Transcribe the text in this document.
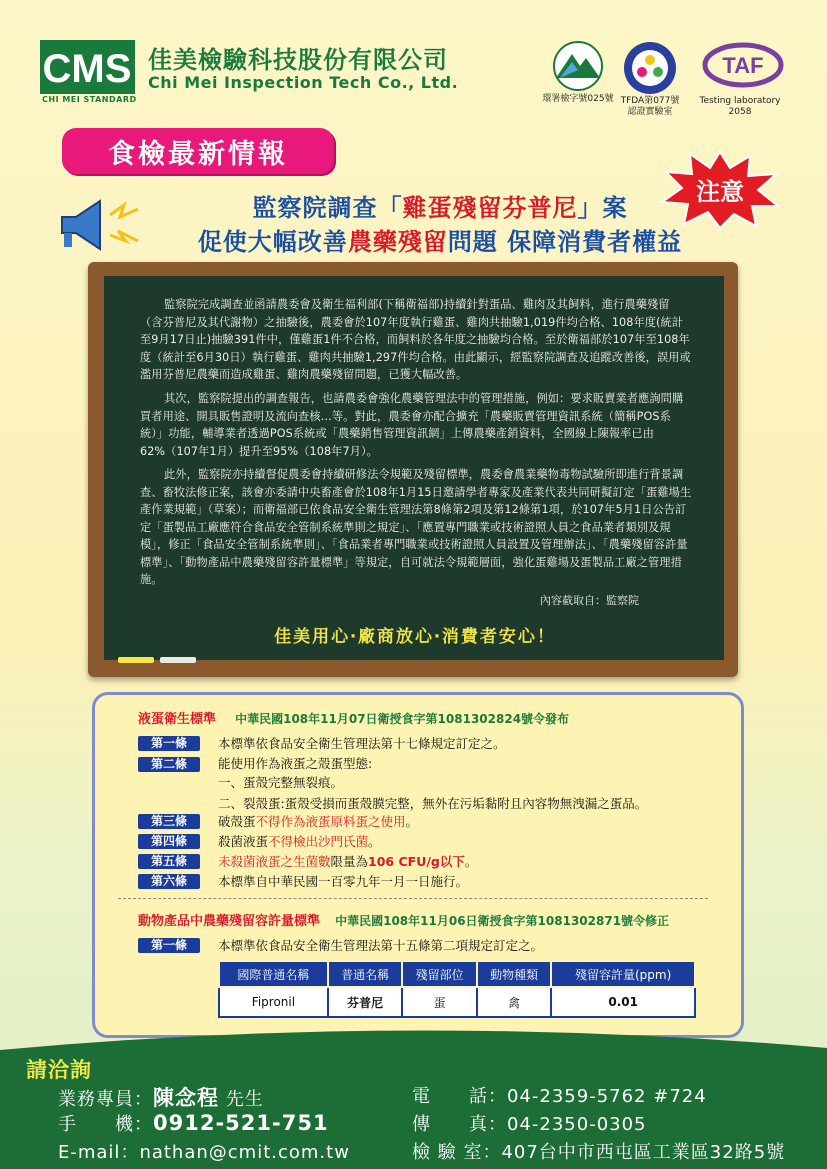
CMS
CHI MEI STANDARD
佳美檢驗科技股份有限公司
Chi Mei Inspection Tech Co., Ltd.
環署檢字號025號 TFDA第077號
認證實驗室
TAF
Testing laboratory
2058
食檢最新情報
注意
監察院調查「雞蛋殘留芬普尼」案
促使大幅改善農藥殘留問題 保障消費者權益

監察院完成調查並函請農委會及衛生福利部(下稱衛福部)持續針對蛋品、雞肉及其飼料，進行農藥殘留（含芬普尼及其代謝物）之抽驗後，農委會於107年度執行雞蛋、雞肉共抽驗1,019件均合格、108年度(統計至9月17日止)抽驗391件中，僅雞蛋1件不合格，而飼料於各年度之抽驗均合格。至於衛福部於107年至108年度（統計至6月30日）執行雞蛋、雞肉共抽驗1,297件均合格。由此顯示，經監察院調查及追蹤改善後，誤用或濫用芬普尼農藥而造成雞蛋、雞肉農藥殘留問題，已獲大幅改善。

其次，監察院提出的調查報告，也請農委會強化農藥管理法中的管理措施，例如：要求販賣業者應詢問購買者用途、開具販售證明及流向查核…等。對此，農委會亦配合擴充「農藥販賣管理資訊系統（簡稱POS系統）」功能，輔導業者透過POS系統或「農藥銷售管理資訊網」上傳農藥產銷資料，全國線上陳報率已由62%（107年1月）提升至95%（108年7月）。

此外，監察院亦持續督促農委會持續研修法令規範及殘留標準，農委會農業藥物毒物試驗所即進行背景調查、畜牧法修正案，該會亦委請中央畜產會於108年1月15日邀請學者專家及產業代表共同研擬訂定「蛋雞場生產作業規範」（草案）；而衛福部已依食品安全衛生管理法第8條第2項及第12條第1項，於107年5月1日公告訂定「蛋製品工廠應符合食品安全管制系統準則之規定」、「應置專門職業或技術證照人員之食品業者類別及規模」，修正「食品安全管制系統準則」、「食品業者專門職業或技術證照人員設置及管理辦法」、「農藥殘留容許量標準」、「動物產品中農藥殘留容許量標準」等規定，自可就法令規範層面，強化蛋雞場及蛋製品工廠之管理措施。

內容截取自：監察院
佳美用心‧廠商放心‧消費者安心！
液蛋衛生標準 中華民國108年11月07日衛授食字第1081302824號令發布
第一條	本標準依食品安全衛生管理法第十七條規定訂定之。
第二條	能使用作為液蛋之殼蛋型態:
一、蛋殼完整無裂痕。
二、裂殼蛋:蛋殼受損而蛋殼膜完整，無外在污垢黏附且內容物無洩漏之蛋品。
第三條	破殼蛋不得作為液蛋原料蛋之使用。
第四條	殺菌液蛋不得檢出沙門氏菌。
第五條	未殺菌液蛋之生菌數限量為106 CFU/g以下。
第六條	本標準自中華民國一百零九年一月一日施行。
動物產品中農藥殘留容許量標準 中華民國108年11月06日衛授食字第1081302871號令修正
第一條	本標準依食品安全衛生管理法第十五條第二項規定訂定之。
國際普通名稱	普通名稱	殘留部位	動物種類	殘留容許量(ppm)
Fipronil	芬普尼	蛋	禽	0.01
請洽詢
業務專員：陳念程 先生
手　　機：0912-521-751
E-mail：nathan@cmit.com.tw
電　　話：04-2359-5762 #724
傳　　真：04-2350-0305
檢 驗 室：407台中市西屯區工業區32路5號
